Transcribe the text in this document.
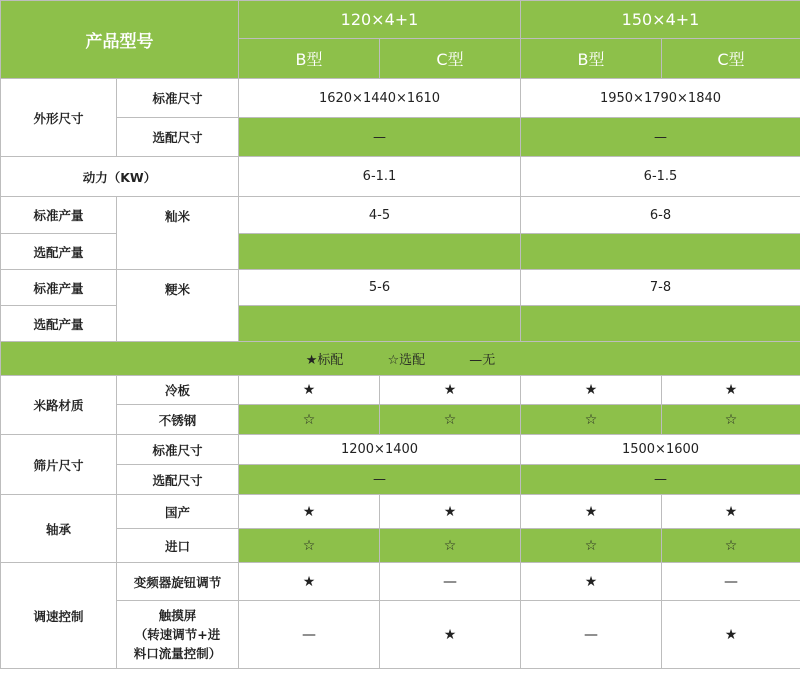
产品型号		120×4+1		150×4+1	
		B型	C型	B型	C型
外形尺寸	标准尺寸	1620×1440×1610		1950×1790×1840	
	选配尺寸	—		—	
动力（KW）		6-1.1		6-1.5	
标准产量	籼米	4-5		6-8	
选配产量					
标准产量	粳米	5-6		7-8	
选配产量					
★标配 ☆选配 —无					
米路材质	冷板	★	★	★	★
	不锈钢	☆	☆	☆	☆
筛片尺寸	标准尺寸	1200×1400		1500×1600	
	选配尺寸	—		—	
轴承	国产	★	★	★	★
	进口	☆	☆	☆	☆
调速控制	变频器旋钮调节	★	—	★	—

	触摸屏
（转速调节+进
料口流量控制）	—	★	—	★
